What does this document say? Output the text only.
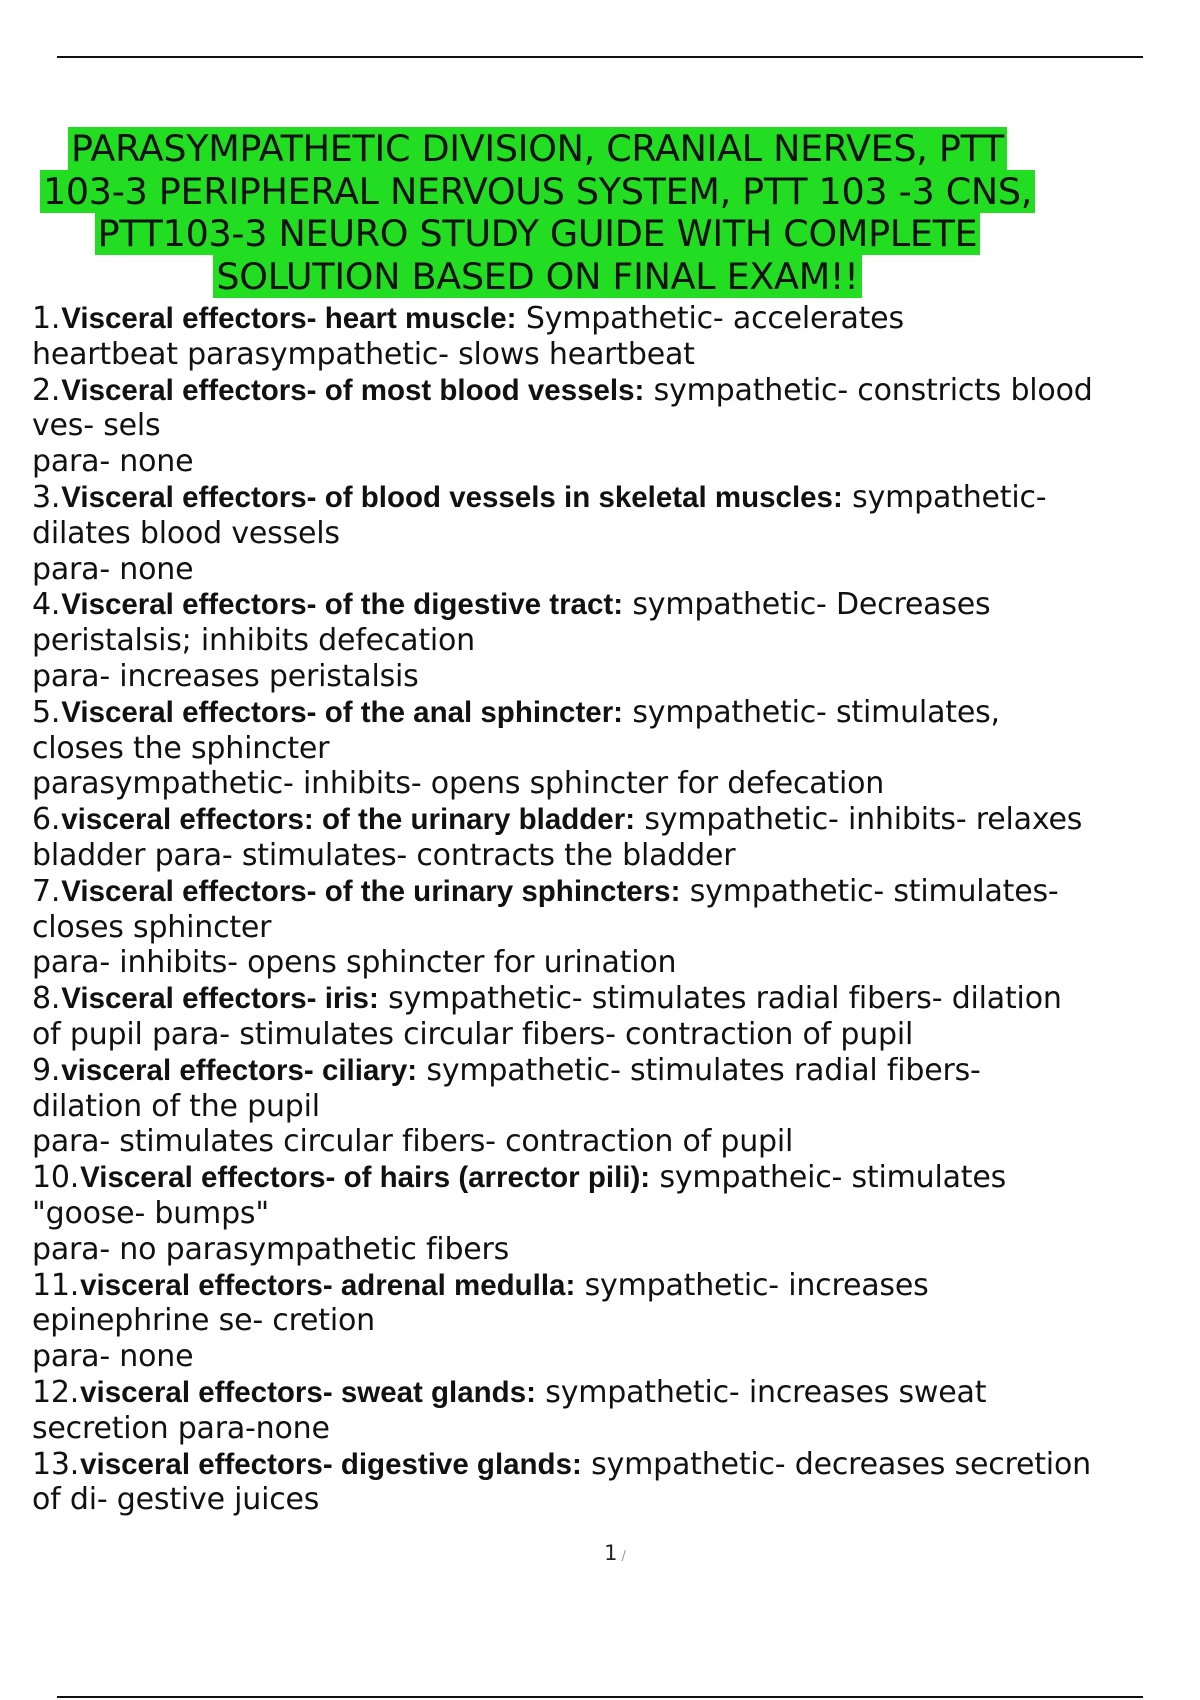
PARASYMPATHETIC DIVISION, CRANIAL NERVES, PTT
103-3 PERIPHERAL NERVOUS SYSTEM, PTT 103 -3 CNS,
PTT103-3 NEURO STUDY GUIDE WITH COMPLETE
SOLUTION BASED ON FINAL EXAM!!
1.Visceral effectors- heart muscle: Sympathetic- accelerates
heartbeat parasympathetic- slows heartbeat
2.Visceral effectors- of most blood vessels: sympathetic- constricts blood
ves- sels
para- none
3.Visceral effectors- of blood vessels in skeletal muscles: sympathetic-
dilates blood vessels
para- none
4.Visceral effectors- of the digestive tract: sympathetic- Decreases
peristalsis; inhibits defecation
para- increases peristalsis
5.Visceral effectors- of the anal sphincter: sympathetic- stimulates,
closes the sphincter
parasympathetic- inhibits- opens sphincter for defecation
6.visceral effectors: of the urinary bladder: sympathetic- inhibits- relaxes
bladder para- stimulates- contracts the bladder
7.Visceral effectors- of the urinary sphincters: sympathetic- stimulates-
closes sphincter
para- inhibits- opens sphincter for urination
8.Visceral effectors- iris: sympathetic- stimulates radial fibers- dilation
of pupil para- stimulates circular fibers- contraction of pupil
9.visceral effectors- ciliary: sympathetic- stimulates radial fibers-
dilation of the pupil
para- stimulates circular fibers- contraction of pupil
10.Visceral effectors- of hairs (arrector pili): sympatheic- stimulates
"goose- bumps"
para- no parasympathetic fibers
11.visceral effectors- adrenal medulla: sympathetic- increases
epinephrine se- cretion
para- none
12.visceral effectors- sweat glands: sympathetic- increases sweat
secretion para-none
13.visceral effectors- digestive glands: sympathetic- decreases secretion
of di- gestive juices
1 /
